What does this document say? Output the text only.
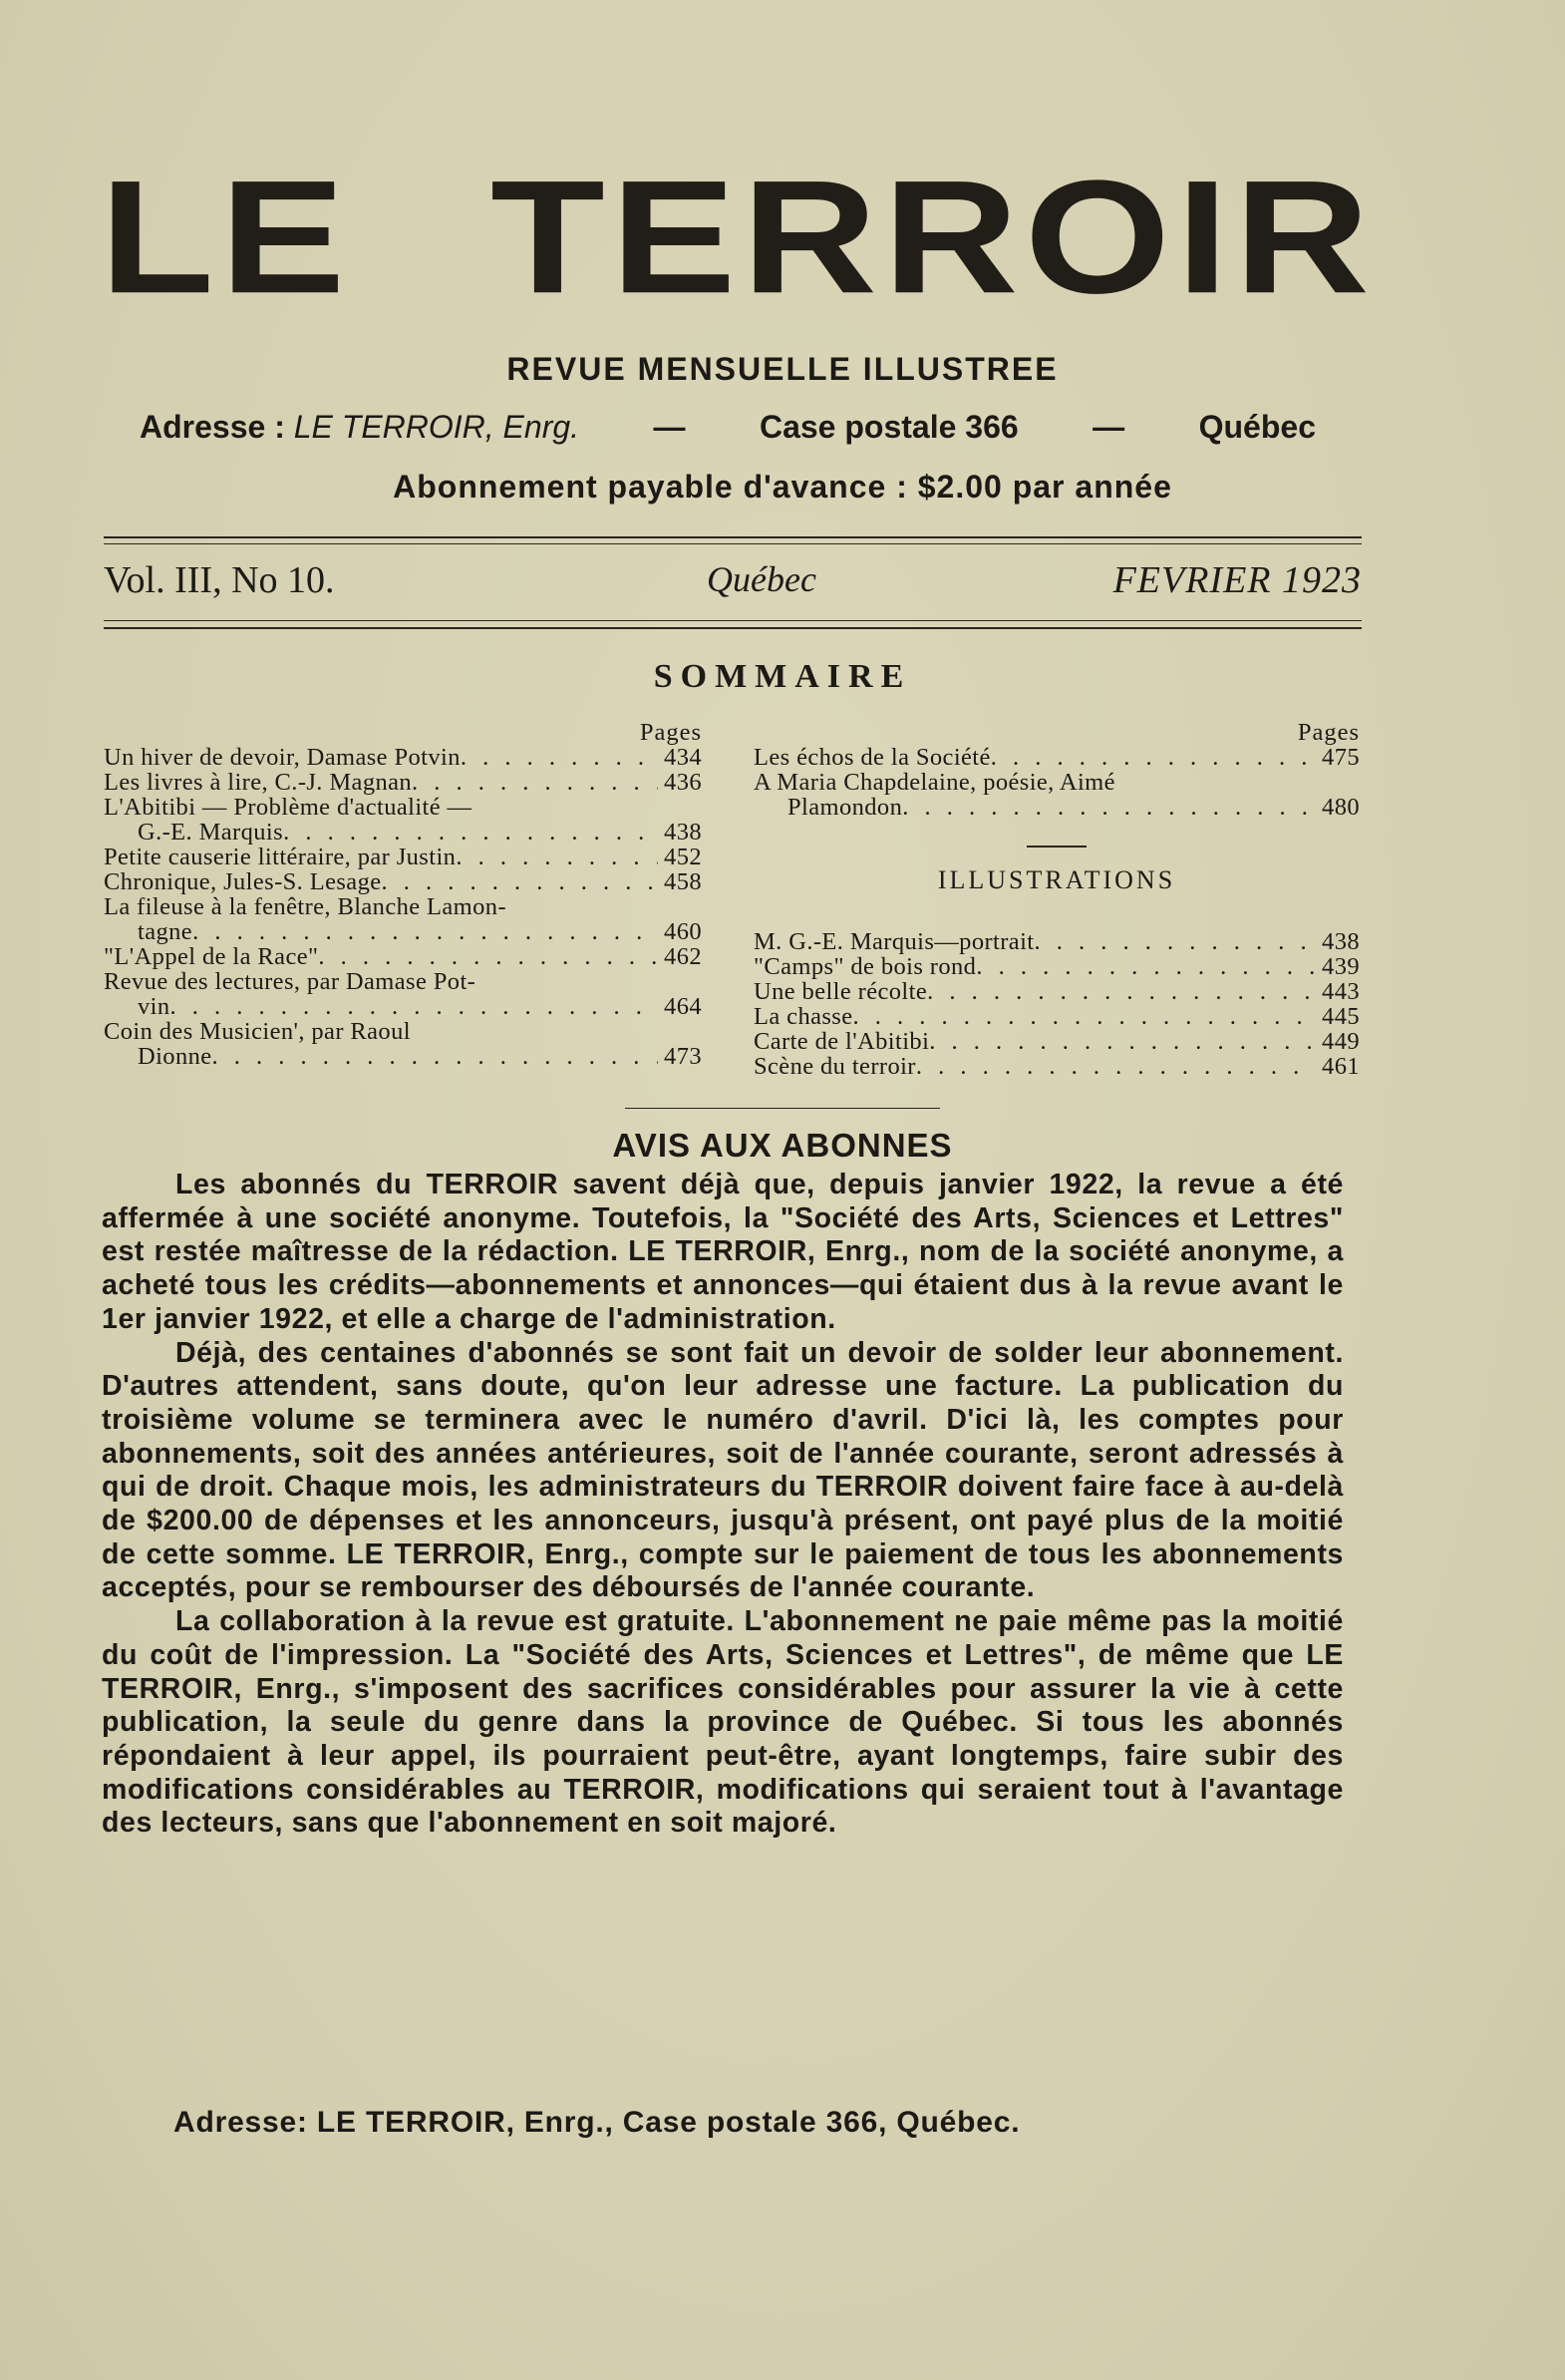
LE TERROIR
REVUE MENSUELLE ILLUSTREE
Adresse : LE TERROIR, Enrg. — Case postale 366 — Québec
Abonnement payable d'avance : $2.00 par année
Vol. III, No 10.	Québec	FEVRIER 1923
SOMMAIRE
Pages
Un hiver de devoir, Damase Potvin . . .	434
Les livres à lire, C.-J. Magnan . . .	436
L'Abitibi — Problème d'actualité —
G.-E. Marquis . . .	438
Petite causerie littéraire, par Justin . . .	452
Chronique, Jules-S. Lesage . . .	458
La fileuse à la fenêtre, Blanche Lamon-
tagne . . .	460
"L'Appel de la Race" . . .	462
Revue des lectures, par Damase Pot-
vin . . .	464
Coin des Musicien', par Raoul
Dionne . . .	473
Pages
Les échos de la Société . . .	475
A Maria Chapdelaine, poésie, Aimé
Plamondon . . .	480
ILLUSTRATIONS
M. G.-E. Marquis—portrait . . .	438
"Camps" de bois rond . . .	439
Une belle récolte . . .	443
La chasse . . .	445
Carte de l'Abitibi . . .	449
Scène du terroir . . .	461
AVIS AUX ABONNES

Les abonnés du TERROIR savent déjà que, depuis janvier 1922, la revue a été affermée à une société anonyme. Toutefois, la "Société des Arts, Sciences et Lettres" est restée maîtresse de la rédaction. LE TERROIR, Enrg., nom de la société anonyme, a acheté tous les crédits—abonnements et annonces—qui étaient dus à la revue avant le 1er janvier 1922, et elle a charge de l'administration.

Déjà, des centaines d'abonnés se sont fait un devoir de solder leur abonnement. D'autres attendent, sans doute, qu'on leur adresse une facture. La publication du troisième volume se terminera avec le numéro d'avril. D'ici là, les comptes pour abonnements, soit des années antérieures, soit de l'année courante, seront adressés à qui de droit. Chaque mois, les administrateurs du TERROIR doivent faire face à au-delà de $200.00 de dépenses et les annonceurs, jusqu'à présent, ont payé plus de la moitié de cette somme. LE TERROIR, Enrg., compte sur le paiement de tous les abonnements acceptés, pour se rembourser des déboursés de l'année courante.

La collaboration à la revue est gratuite. L'abonnement ne paie même pas la moitié du coût de l'impression. La "Société des Arts, Sciences et Lettres", de même que LE TERROIR, Enrg., s'imposent des sacrifices considérables pour assurer la vie à cette publication, la seule du genre dans la province de Québec. Si tous les abonnés répondaient à leur appel, ils pourraient peut-être, ayant longtemps, faire subir des modifications considérables au TERROIR, modifications qui seraient tout à l'avantage des lecteurs, sans que l'abonnement en soit majoré.

Adresse: LE TERROIR, Enrg., Case postale 366, Québec.
